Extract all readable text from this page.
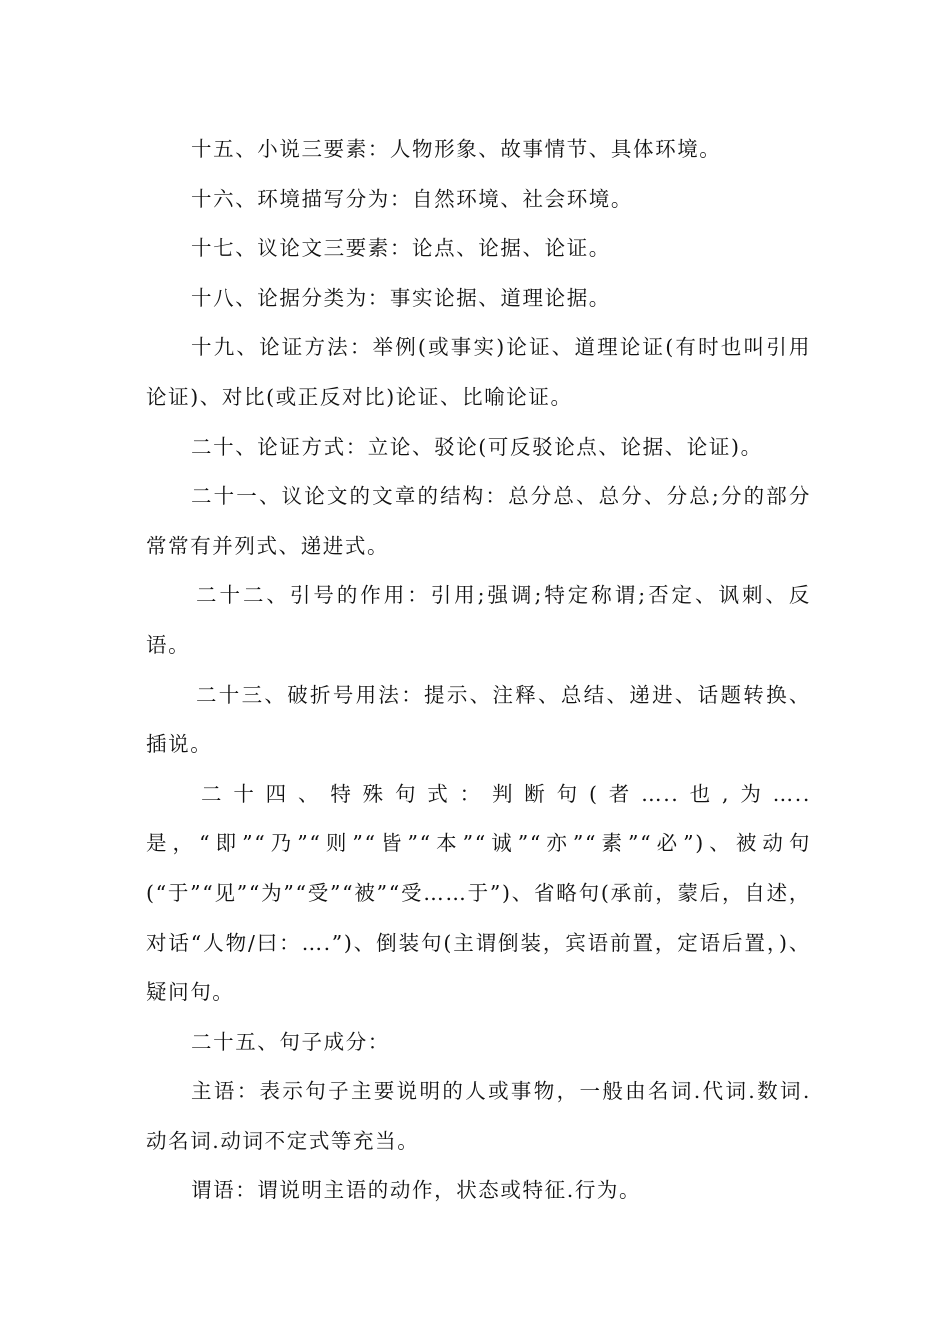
十五、小说三要素：人物形象、故事情节、具体环境。

十六、环境描写分为：自然环境、社会环境。

十七、议论文三要素：论点、论据、论证。

十八、论据分类为：事实论据、道理论据。

十九、论证方法：举例(或事实)论证、道理论证(有时也叫引用论证)、对比(或正反对比)论证、比喻论证。

二十、论证方式：立论、驳论(可反驳论点、论据、论证)。

二十一、议论文的文章的结构：总分总、总分、分总;分的部分常常有并列式、递进式。

二十二、引号的作用：引用;强调;特定称谓;否定、讽刺、反语。

二十三、破折号用法：提示、注释、总结、递进、话题转换、插说。

二十四、特殊句式：判断句(者…..也,为…..是，“即”“乃”“则”“皆”“本”“诚”“亦”“素”“必”)、被动句(“于”“见”“为”“受”“被”“受……于”)、省略句(承前，蒙后，自述，对话“人物/曰：….”)、倒装句(主谓倒装，宾语前置，定语后置，)、疑问句。

二十五、句子成分：

主语：表示句子主要说明的人或事物，一般由名词.代词.数词.动名词.动词不定式等充当。

谓语：谓说明主语的动作，状态或特征.行为。
